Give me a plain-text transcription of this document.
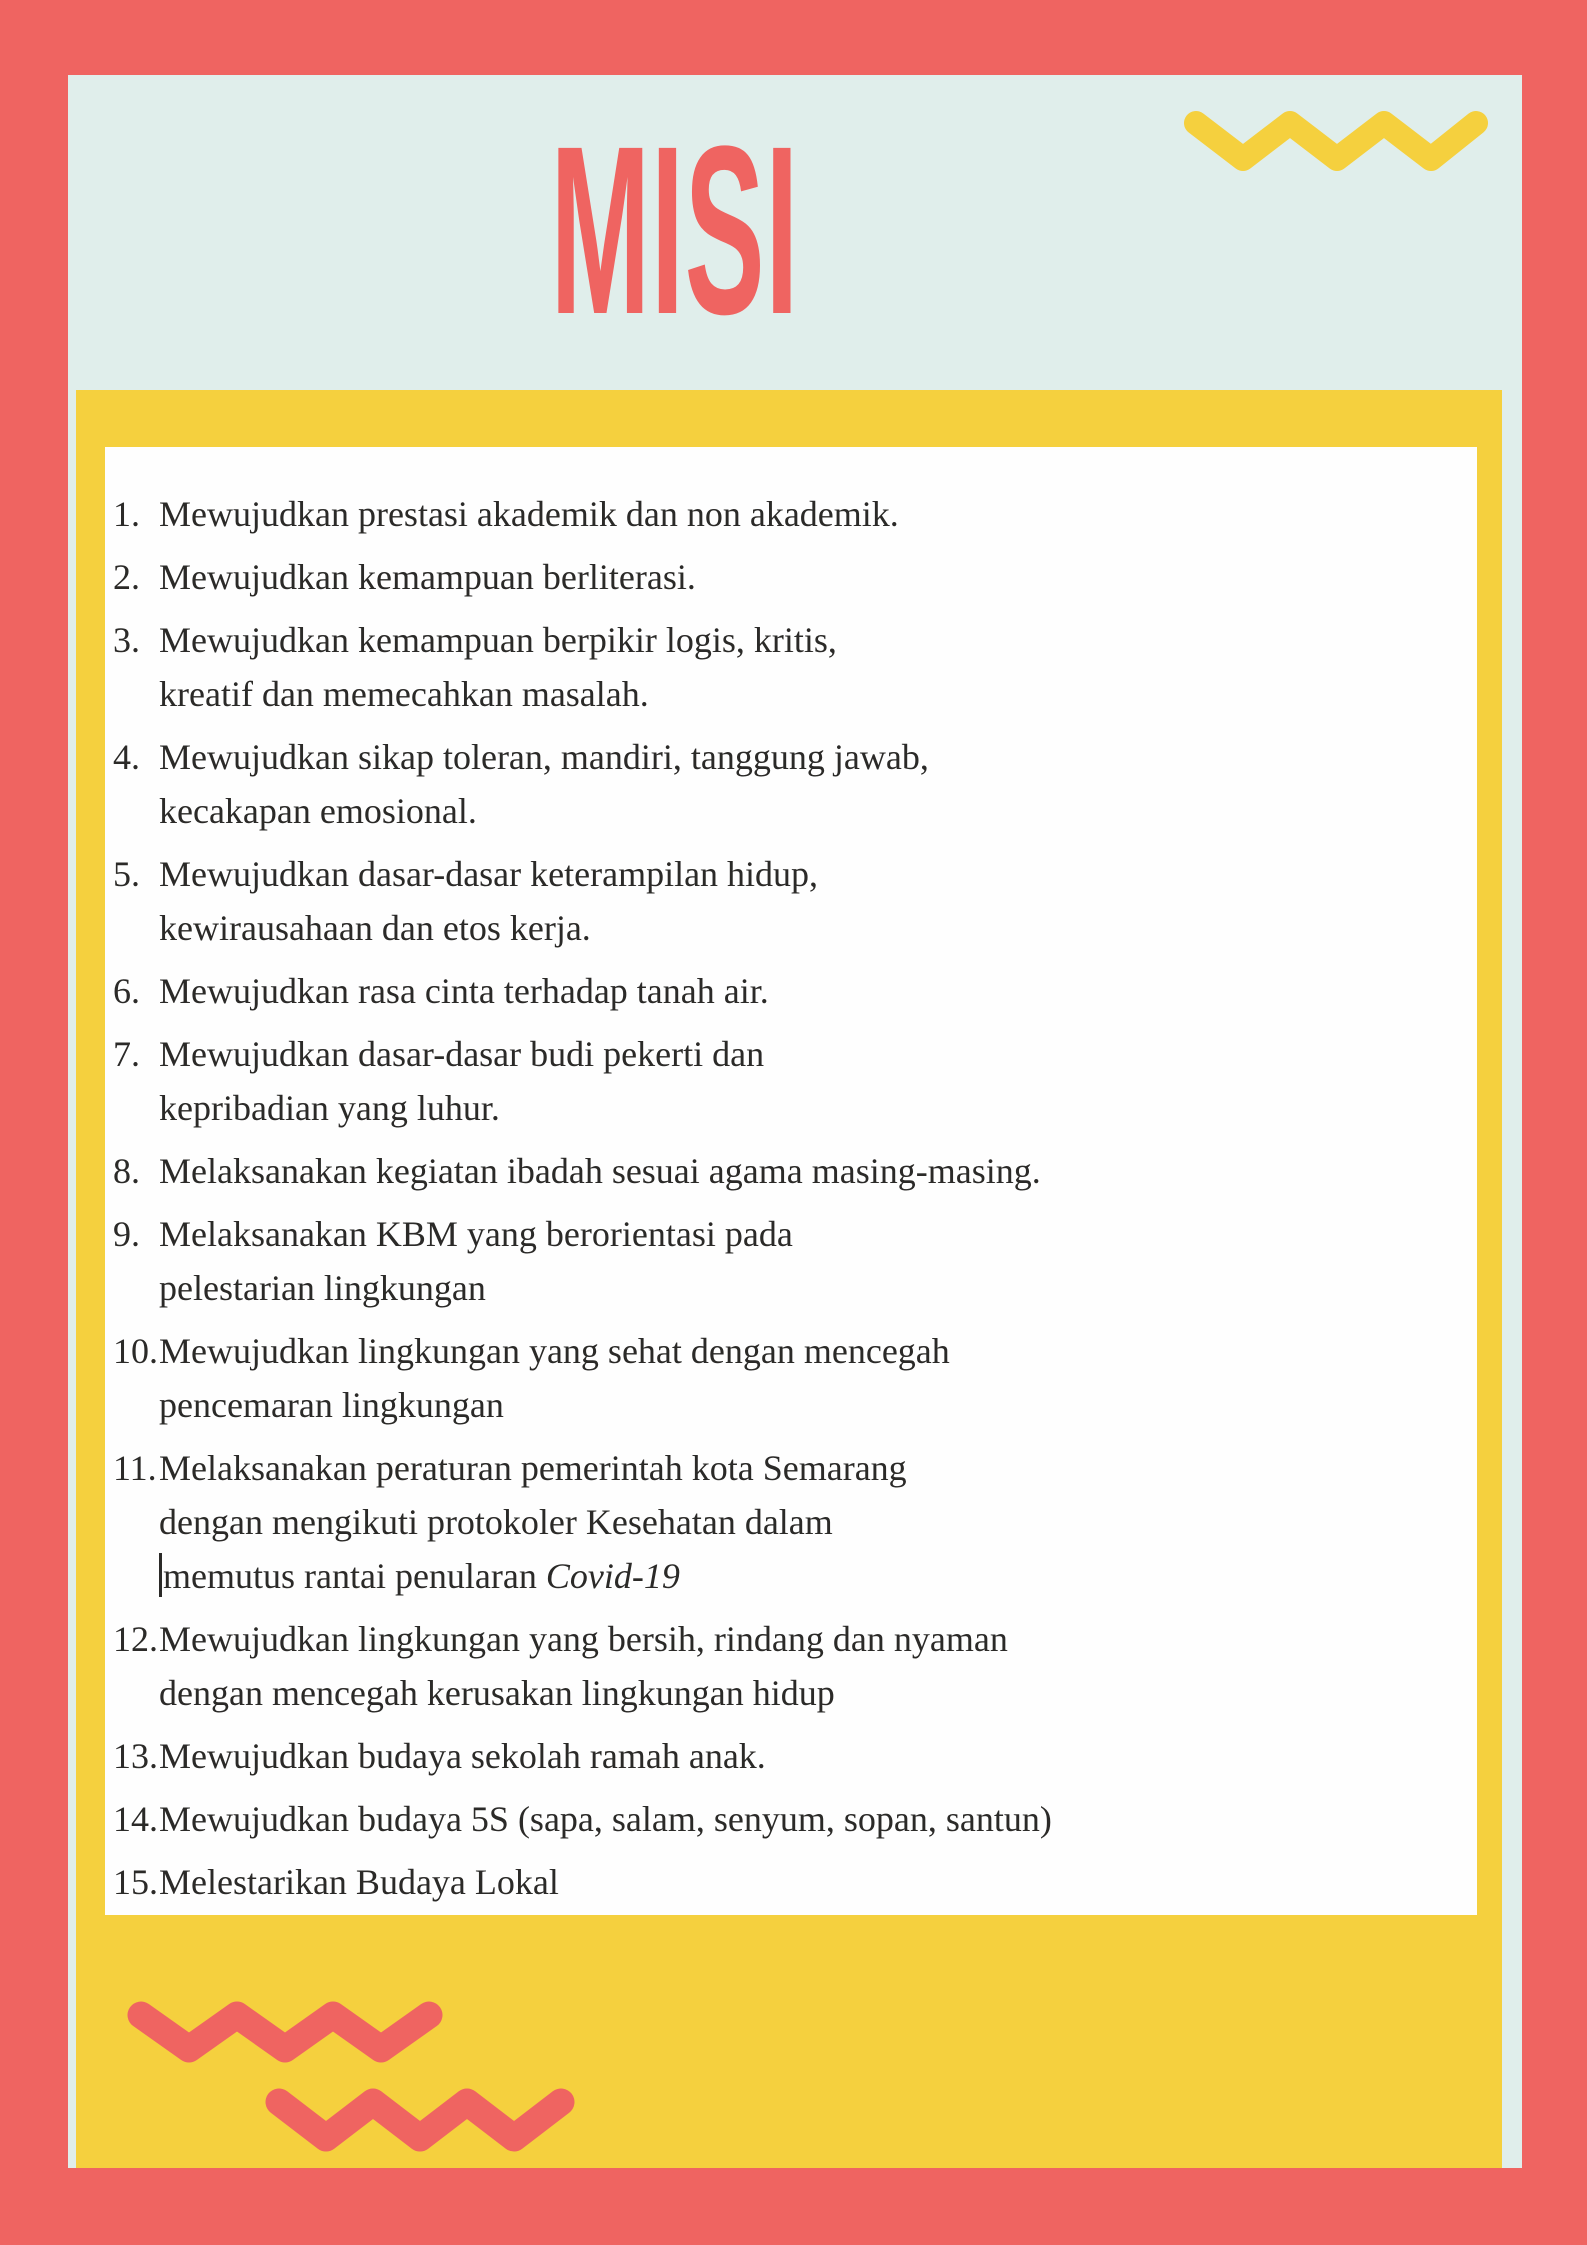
MISI
1. Mewujudkan prestasi akademik dan non akademik.
2. Mewujudkan kemampuan berliterasi.
3. Mewujudkan kemampuan berpikir logis, kritis,
kreatif dan memecahkan masalah.
4. Mewujudkan sikap toleran, mandiri, tanggung jawab,
kecakapan emosional.
5. Mewujudkan dasar-dasar keterampilan hidup,
kewirausahaan dan etos kerja.
6. Mewujudkan rasa cinta terhadap tanah air.
7. Mewujudkan dasar-dasar budi pekerti dan
kepribadian yang luhur.
8. Melaksanakan kegiatan ibadah sesuai agama masing-masing.
9. Melaksanakan KBM yang berorientasi pada
pelestarian lingkungan
10. Mewujudkan lingkungan yang sehat dengan mencegah
pencemaran lingkungan
11. Melaksanakan peraturan pemerintah kota Semarang
dengan mengikuti protokoler Kesehatan dalam
memutus rantai penularan Covid-19
12. Mewujudkan lingkungan yang bersih, rindang dan nyaman
dengan mencegah kerusakan lingkungan hidup
13. Mewujudkan budaya sekolah ramah anak.
14. Mewujudkan budaya 5S (sapa, salam, senyum, sopan, santun)
15. Melestarikan Budaya Lokal
